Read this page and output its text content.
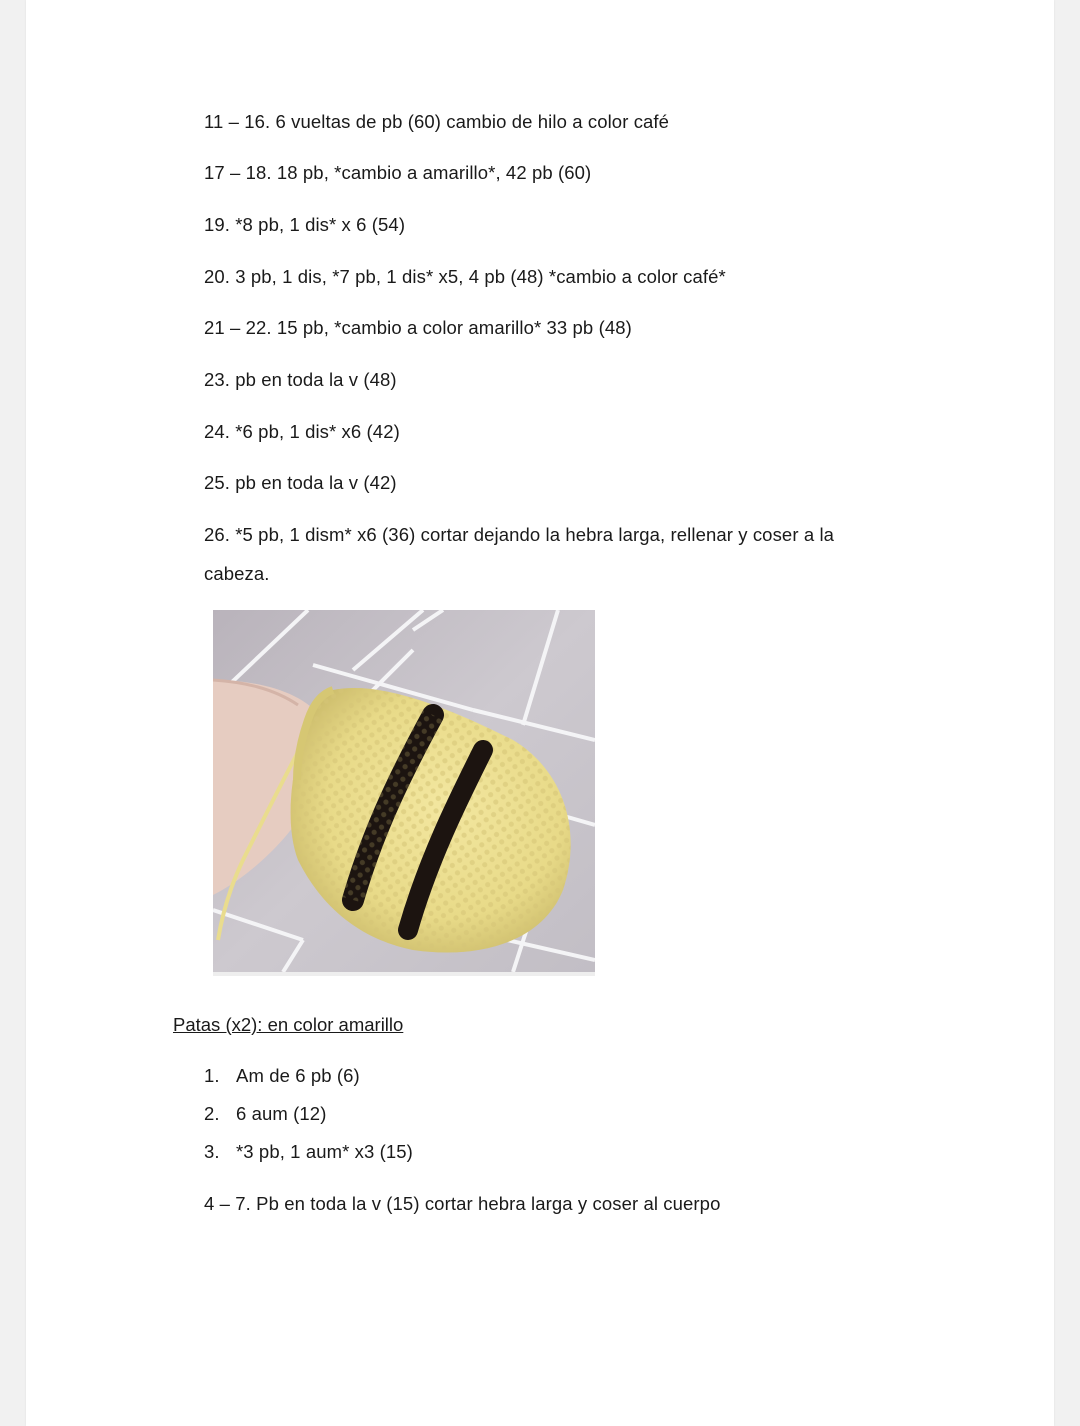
11 – 16. 6 vueltas de pb (60) cambio de hilo a color café
17 – 18. 18 pb, *cambio a amarillo*, 42 pb (60)
19. *8 pb, 1 dis* x 6 (54)
20. 3 pb, 1 dis, *7 pb, 1 dis* x5, 4 pb (48) *cambio a color café*
21 – 22. 15 pb, *cambio a color amarillo* 33 pb (48)
23. pb en toda la v (48)
24. *6 pb, 1 dis* x6 (42)
25. pb en toda la v (42)
26. *5 pb, 1 dism* x6 (36) cortar dejando la hebra larga, rellenar y coser a la
cabeza.
Patas (x2): en color amarillo
1. Am de 6 pb (6)
2. 6 aum (12)
3. *3 pb, 1 aum* x3 (15)
4 – 7. Pb en toda la v (15) cortar hebra larga y coser al cuerpo
